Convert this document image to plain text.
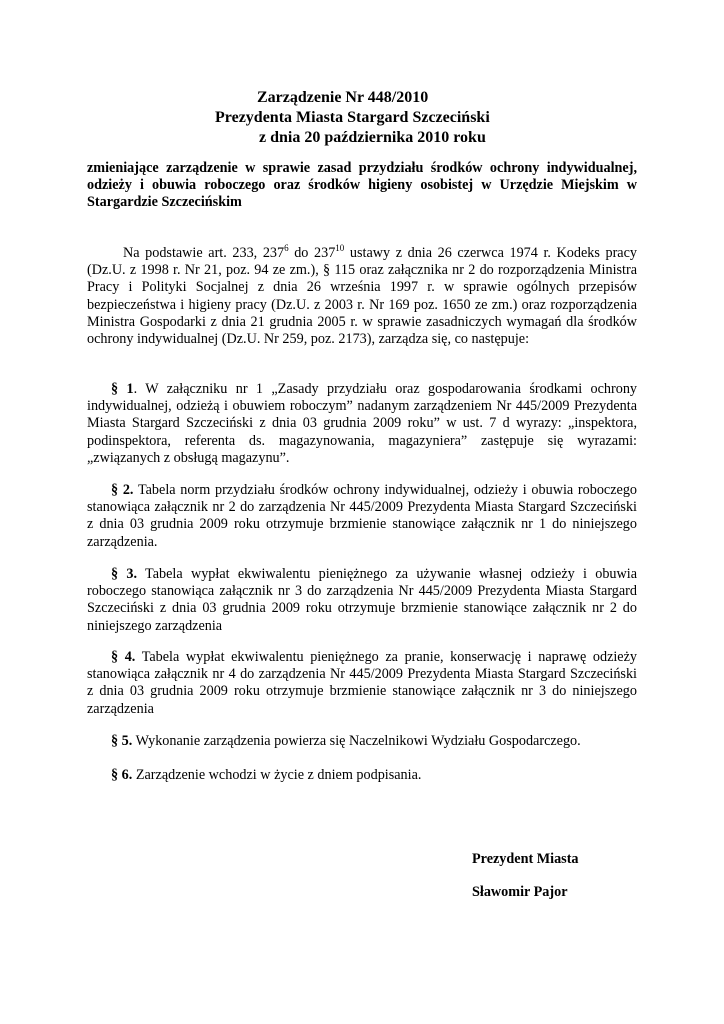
Zarządzenie Nr 448/2010
Prezydenta Miasta Stargard Szczeciński
z dnia 20 października 2010 roku
zmieniające zarządzenie w sprawie zasad przydziału środków ochrony indywidualnej, odzieży i obuwia roboczego oraz środków higieny osobistej w Urzędzie Miejskim w Stargardzie Szczecińskim
Na podstawie art. 233, $237^6$ do $237^{10}$ ustawy z dnia 26 czerwca 1974 r. Kodeks pracy (Dz.U. z 1998 r. Nr 21, poz. 94 ze zm.), § 115 oraz załącznika nr 2 do rozporządzenia Ministra Pracy i Polityki Socjalnej z dnia 26 września 1997 r. w sprawie ogólnych przepisów bezpieczeństwa i higieny pracy (Dz.U. z 2003 r. Nr 169 poz. 1650 ze zm.) oraz rozporządzenia Ministra Gospodarki z dnia 21 grudnia 2005 r. w sprawie zasadniczych wymagań dla środków ochrony indywidualnej (Dz.U. Nr 259, poz. 2173), zarządza się, co następuje:
§ 1. W załączniku nr 1 „Zasady przydziału oraz gospodarowania środkami ochrony indywidualnej, odzieżą i obuwiem roboczym” nadanym zarządzeniem Nr 445/2009 Prezydenta Miasta Stargard Szczeciński z dnia 03 grudnia 2009 roku” w ust. 7 d wyrazy: „inspektora, podinspektora, referenta ds. magazynowania, magazyniera” zastępuje się wyrazami: „związanych z obsługą magazynu”.
§ 2. Tabela norm przydziału środków ochrony indywidualnej, odzieży i obuwia roboczego stanowiąca załącznik nr 2 do zarządzenia Nr 445/2009 Prezydenta Miasta Stargard Szczeciński z dnia 03 grudnia 2009 roku otrzymuje brzmienie stanowiące załącznik nr 1 do niniejszego zarządzenia.
§ 3. Tabela wypłat ekwiwalentu pieniężnego za używanie własnej odzieży i obuwia roboczego stanowiąca załącznik nr 3 do zarządzenia Nr 445/2009 Prezydenta Miasta Stargard Szczeciński z dnia 03 grudnia 2009 roku otrzymuje brzmienie stanowiące załącznik nr 2 do niniejszego zarządzenia
§ 4. Tabela wypłat ekwiwalentu pieniężnego za pranie, konserwację i naprawę odzieży stanowiąca załącznik nr 4 do zarządzenia Nr 445/2009 Prezydenta Miasta Stargard Szczeciński z dnia 03 grudnia 2009 roku otrzymuje brzmienie stanowiące załącznik nr 3 do niniejszego zarządzenia
§ 5. Wykonanie zarządzenia powierza się Naczelnikowi Wydziału Gospodarczego.
§ 6. Zarządzenie wchodzi w życie z dniem podpisania.
Prezydent Miasta
Sławomir Pajor
